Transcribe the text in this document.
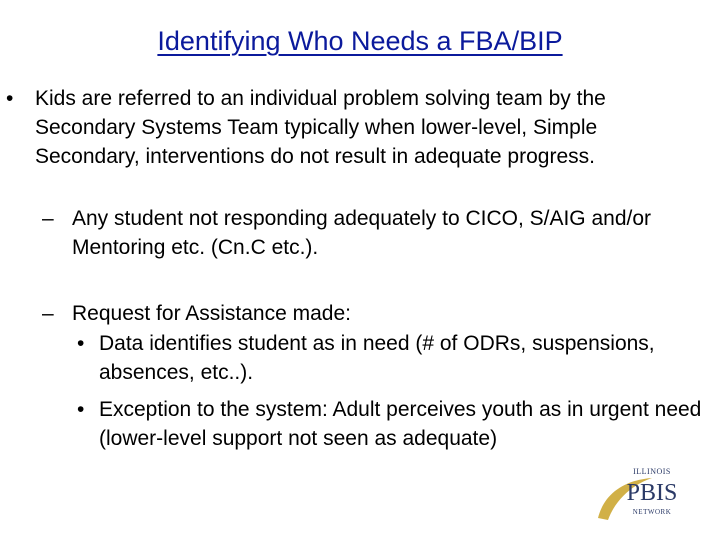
Identifying Who Needs a FBA/BIP
•	Kids are referred to an individual problem solving team by the Secondary Systems Team typically when lower-level, Simple Secondary, interventions do not result in adequate progress.
– Any student not responding adequately to CICO, S/AIG and/or Mentoring etc. (Cn.C etc.).
– Request for Assistance made:
• Data identifies student as in need (# of ODRs, suspensions, absences, etc..).
• Exception to the system: Adult perceives youth as in urgent need (lower-level support not seen as adequate)
ILLINOIS
PBIS
NETWORK
